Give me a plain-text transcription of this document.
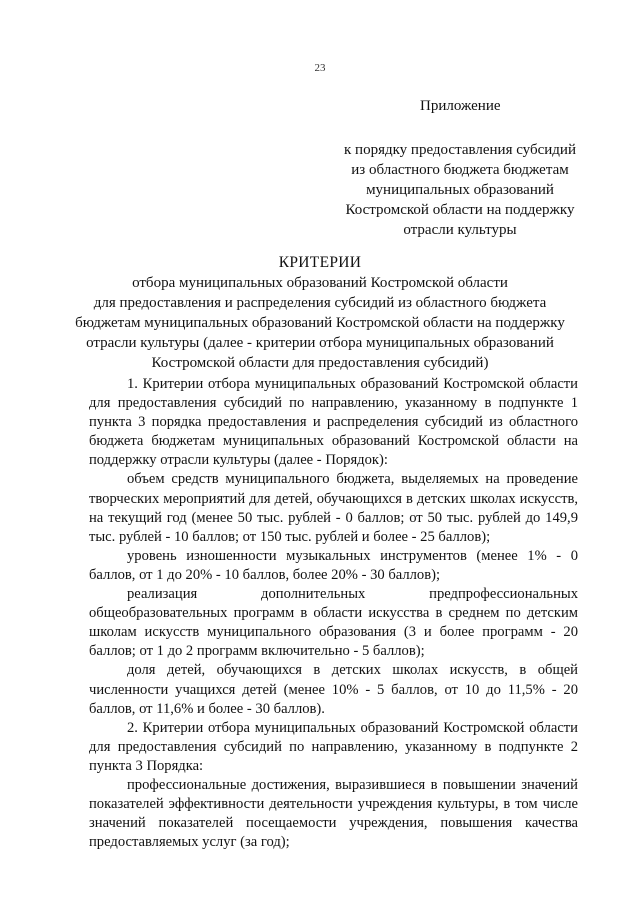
23
Приложение
к порядку предоставления субсидий
из областного бюджета бюджетам
муниципальных образований
Костромской области на поддержку
отрасли культуры
КРИТЕРИИ
отбора муниципальных образований Костромской области
для предоставления и распределения субсидий из областного бюджета
бюджетам муниципальных образований Костромской области на поддержку
отрасли культуры (далее - критерии отбора муниципальных образований
Костромской области для предоставления субсидий)

1. Критерии отбора муниципальных образований Костромской области для предоставления субсидий по направлению, указанному в подпункте 1 пункта 3 порядка предоставления и распределения субсидий из областного бюджета бюджетам муниципальных образований Костромской области на поддержку отрасли культуры (далее - Порядок):

объем средств муниципального бюджета, выделяемых на проведение творческих мероприятий для детей, обучающихся в детских школах искусств, на текущий год (менее 50 тыс. рублей - 0 баллов; от 50 тыс. рублей до 149,9 тыс. рублей - 10 баллов; от 150 тыс. рублей и более - 25 баллов);

уровень изношенности музыкальных инструментов (менее 1% - 0 баллов, от 1 до 20% - 10 баллов, более 20% - 30 баллов);

реализация дополнительных предпрофессиональных общеобразовательных программ в области искусства в среднем по детским школам искусств муниципального образования (3 и более программ - 20 баллов; от 1 до 2 программ включительно - 5 баллов);

доля детей, обучающихся в детских школах искусств, в общей численности учащихся детей (менее 10% - 5 баллов, от 10 до 11,5% - 20 баллов, от 11,6% и более - 30 баллов).

2. Критерии отбора муниципальных образований Костромской области для предоставления субсидий по направлению, указанному в подпункте 2 пункта 3 Порядка:

профессиональные достижения, выразившиеся в повышении значений показателей эффективности деятельности учреждения культуры, в том числе значений показателей посещаемости учреждения, повышения качества предоставляемых услуг (за год);
